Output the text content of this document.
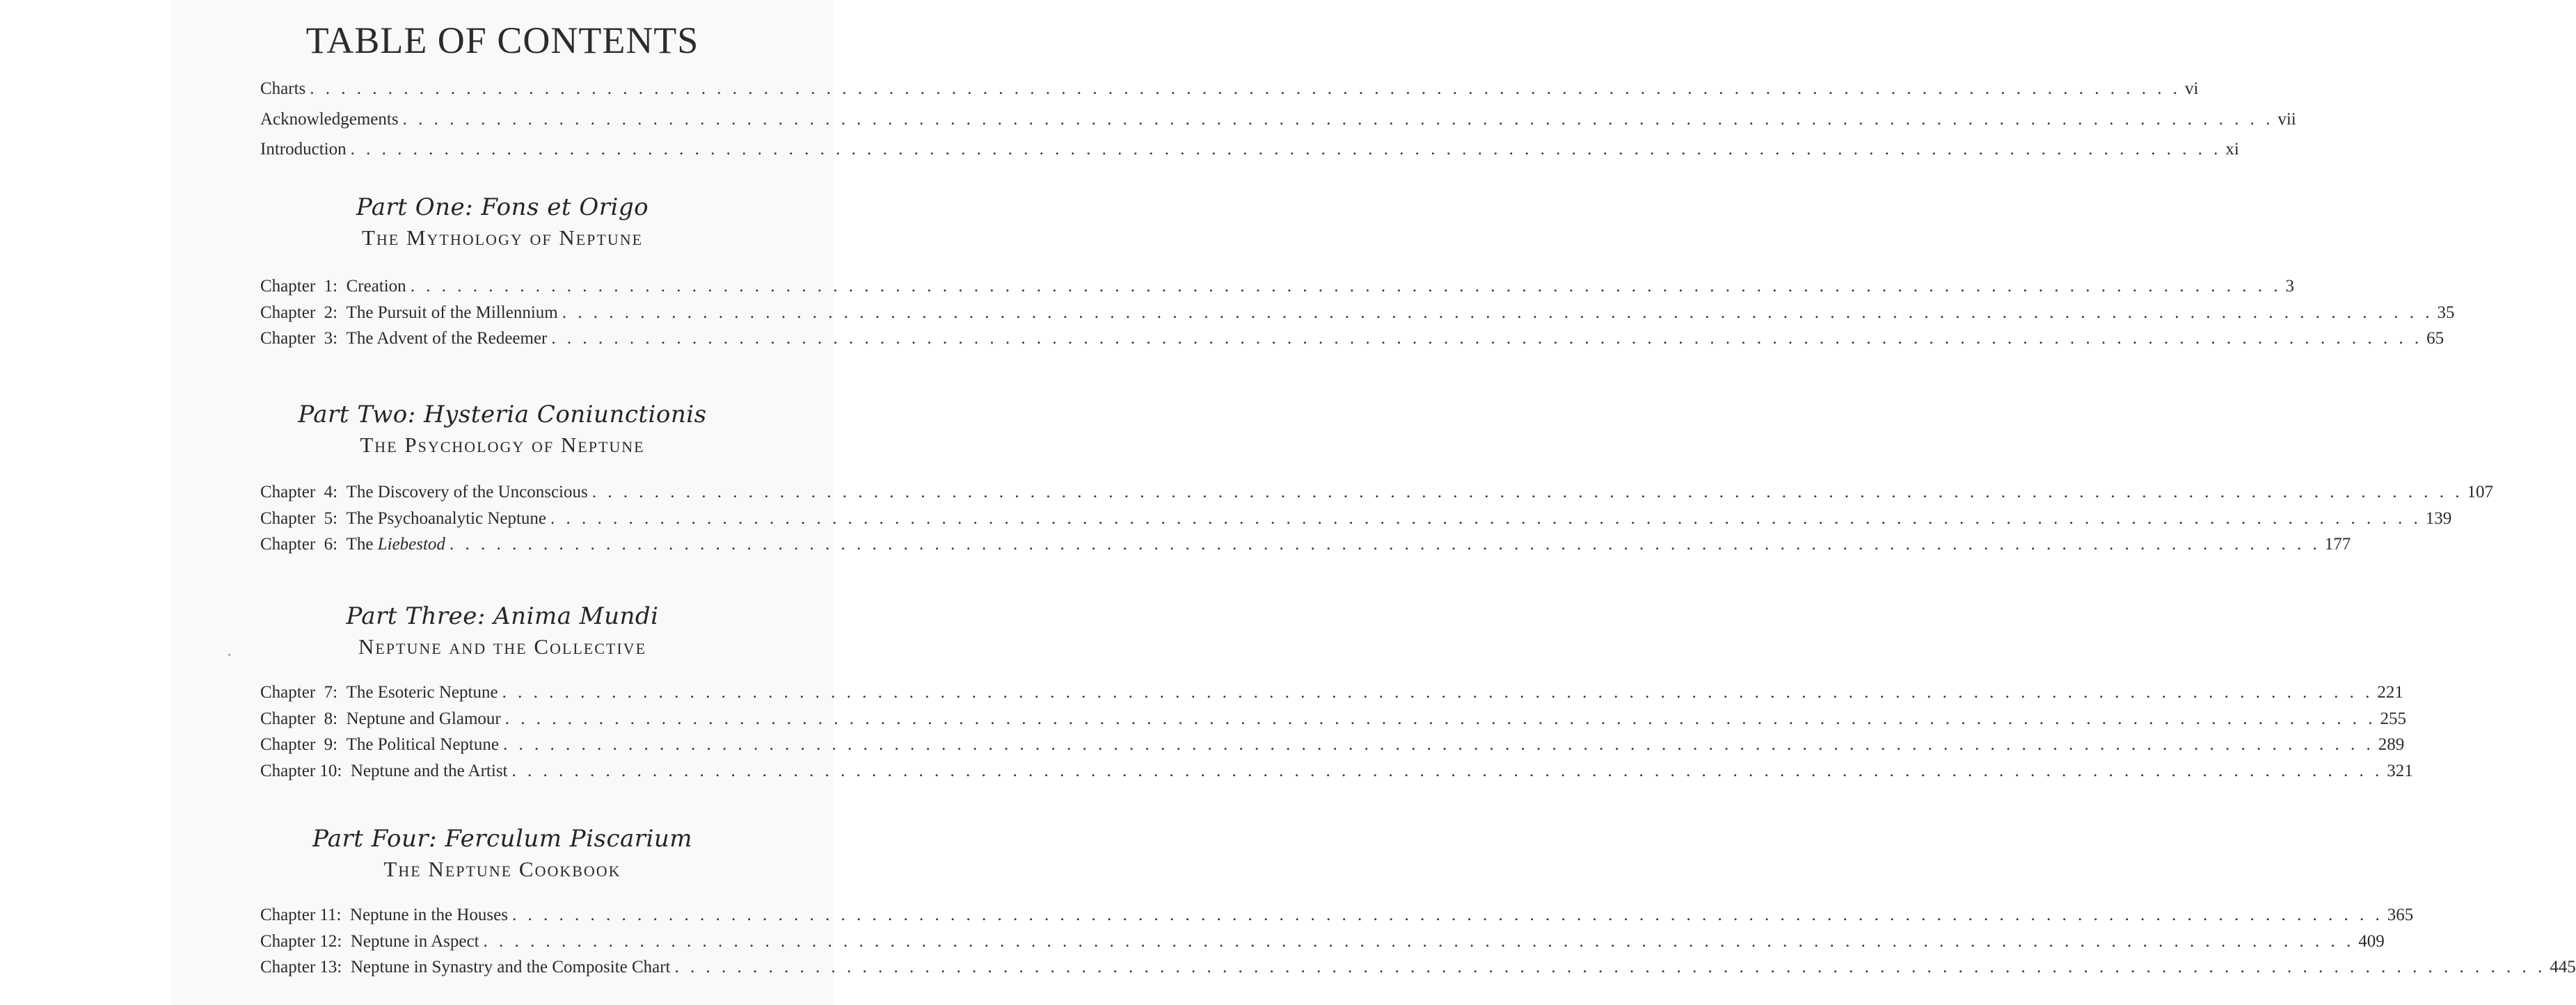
TABLE OF CONTENTS
Charts . . . . . . . . . . . . . . . . . . . . . . . . . . . . . . . . . . . . . . . . . . . . . . . . . . . . . . . . . . . . . . . . . . . . . . . . . . . . . . . . . . . . . . . . . . . . . . . . . . . . . . . . . . . . . . . . . . . . . . . . vi
Acknowledgements . . . . . . . . . . . . . . . . . . . . . . . . . . . . . . . . . . . . . . . . . . . . . . . . . . . . . . . . . . . . . . . . . . . . . . . . . . . . . . . . . . . . . . . . . . . . . . . . . . . . . . . . . . . . . . . . . . . . . . . . vii
Introduction . . . . . . . . . . . . . . . . . . . . . . . . . . . . . . . . . . . . . . . . . . . . . . . . . . . . . . . . . . . . . . . . . . . . . . . . . . . . . . . . . . . . . . . . . . . . . . . . . . . . . . . . . . . . . . . . . . . . . . . . xi
Part One: Fons et Origo
The Mythology of Neptune
Chapter  1: Creation . . . . . . . . . . . . . . . . . . . . . . . . . . . . . . . . . . . . . . . . . . . . . . . . . . . . . . . . . . . . . . . . . . . . . . . . . . . . . . . . . . . . . . . . . . . . . . . . . . . . . . . . . . . . . . . . . . . . . . . . 3
Chapter  2: The Pursuit of the Millennium . . . . . . . . . . . . . . . . . . . . . . . . . . . . . . . . . . . . . . . . . . . . . . . . . . . . . . . . . . . . . . . . . . . . . . . . . . . . . . . . . . . . . . . . . . . . . . . . . . . . . . . . . . . . . . . . . . . . . . . . 35
Chapter  3: The Advent of the Redeemer . . . . . . . . . . . . . . . . . . . . . . . . . . . . . . . . . . . . . . . . . . . . . . . . . . . . . . . . . . . . . . . . . . . . . . . . . . . . . . . . . . . . . . . . . . . . . . . . . . . . . . . . . . . . . . . . . . . . . . . . 65
Part Two: Hysteria Coniunctionis
The Psychology of Neptune
Chapter  4: The Discovery of the Unconscious . . . . . . . . . . . . . . . . . . . . . . . . . . . . . . . . . . . . . . . . . . . . . . . . . . . . . . . . . . . . . . . . . . . . . . . . . . . . . . . . . . . . . . . . . . . . . . . . . . . . . . . . . . . . . . . . . . . . . . . . 107
Chapter  5: The Psychoanalytic Neptune . . . . . . . . . . . . . . . . . . . . . . . . . . . . . . . . . . . . . . . . . . . . . . . . . . . . . . . . . . . . . . . . . . . . . . . . . . . . . . . . . . . . . . . . . . . . . . . . . . . . . . . . . . . . . . . . . . . . . . . . 139
Chapter  6: The Liebestod . . . . . . . . . . . . . . . . . . . . . . . . . . . . . . . . . . . . . . . . . . . . . . . . . . . . . . . . . . . . . . . . . . . . . . . . . . . . . . . . . . . . . . . . . . . . . . . . . . . . . . . . . . . . . . . . . . . . . . . . 177
Part Three: Anima Mundi
Neptune and the Collective
Chapter  7: The Esoteric Neptune . . . . . . . . . . . . . . . . . . . . . . . . . . . . . . . . . . . . . . . . . . . . . . . . . . . . . . . . . . . . . . . . . . . . . . . . . . . . . . . . . . . . . . . . . . . . . . . . . . . . . . . . . . . . . . . . . . . . . . . . 221
Chapter  8: Neptune and Glamour . . . . . . . . . . . . . . . . . . . . . . . . . . . . . . . . . . . . . . . . . . . . . . . . . . . . . . . . . . . . . . . . . . . . . . . . . . . . . . . . . . . . . . . . . . . . . . . . . . . . . . . . . . . . . . . . . . . . . . . . 255
Chapter  9: The Political Neptune . . . . . . . . . . . . . . . . . . . . . . . . . . . . . . . . . . . . . . . . . . . . . . . . . . . . . . . . . . . . . . . . . . . . . . . . . . . . . . . . . . . . . . . . . . . . . . . . . . . . . . . . . . . . . . . . . . . . . . . . 289
Chapter 10: Neptune and the Artist . . . . . . . . . . . . . . . . . . . . . . . . . . . . . . . . . . . . . . . . . . . . . . . . . . . . . . . . . . . . . . . . . . . . . . . . . . . . . . . . . . . . . . . . . . . . . . . . . . . . . . . . . . . . . . . . . . . . . . . . 321
Part Four: Ferculum Piscarium
The Neptune Cookbook
Chapter 11: Neptune in the Houses . . . . . . . . . . . . . . . . . . . . . . . . . . . . . . . . . . . . . . . . . . . . . . . . . . . . . . . . . . . . . . . . . . . . . . . . . . . . . . . . . . . . . . . . . . . . . . . . . . . . . . . . . . . . . . . . . . . . . . . . 365
Chapter 12: Neptune in Aspect . . . . . . . . . . . . . . . . . . . . . . . . . . . . . . . . . . . . . . . . . . . . . . . . . . . . . . . . . . . . . . . . . . . . . . . . . . . . . . . . . . . . . . . . . . . . . . . . . . . . . . . . . . . . . . . . . . . . . . . . 409
Chapter 13: Neptune in Synastry and the Composite Chart . . . . . . . . . . . . . . . . . . . . . . . . . . . . . . . . . . . . . . . . . . . . . . . . . . . . . . . . . . . . . . . . . . . . . . . . . . . . . . . . . . . . . . . . . . . . . . . . . . . . . . . . . . . . . . . . . . . . . . . . 445
